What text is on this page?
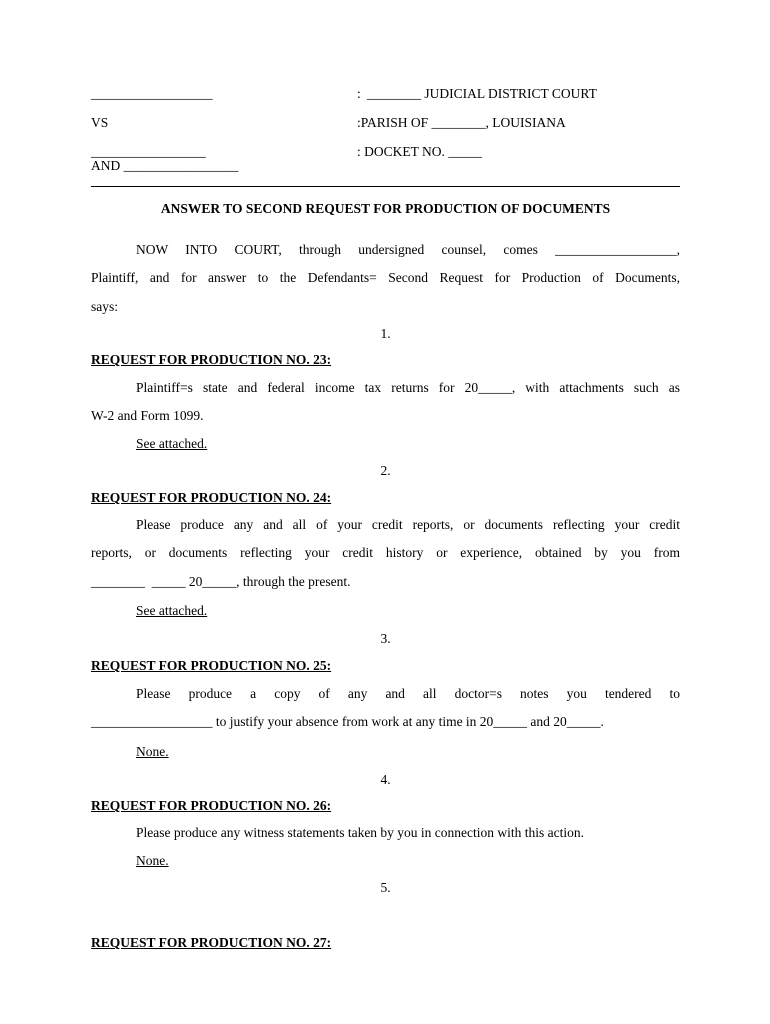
__________________	: ________ JUDICIAL DISTRICT COURT
VS	:PARISH OF ________, LOUISIANA
_________________	: DOCKET NO. _____
AND _________________
ANSWER TO SECOND REQUEST FOR PRODUCTION OF DOCUMENTS
NOW INTO COURT, through undersigned counsel, comes __________________,
Plaintiff, and for answer to the Defendants= Second Request for Production of Documents,
says:
1.
REQUEST FOR PRODUCTION NO. 23:
Plaintiff=s state and federal income tax returns for 20_____, with attachments such as
W-2 and Form 1099.
See attached.
2.
REQUEST FOR PRODUCTION NO. 24:
Please produce any and all of your credit reports, or documents reflecting your credit
reports, or documents reflecting your credit history or experience, obtained by you from
________  _____ 20_____, through the present.
See attached.
3.
REQUEST FOR PRODUCTION NO. 25:
Please produce a copy of any and all doctor=s notes you tendered to
__________________ to justify your absence from work at any time in 20_____ and 20_____.
None.
4.
REQUEST FOR PRODUCTION NO. 26:
Please produce any witness statements taken by you in connection with this action.
None.
5.
REQUEST FOR PRODUCTION NO. 27:
